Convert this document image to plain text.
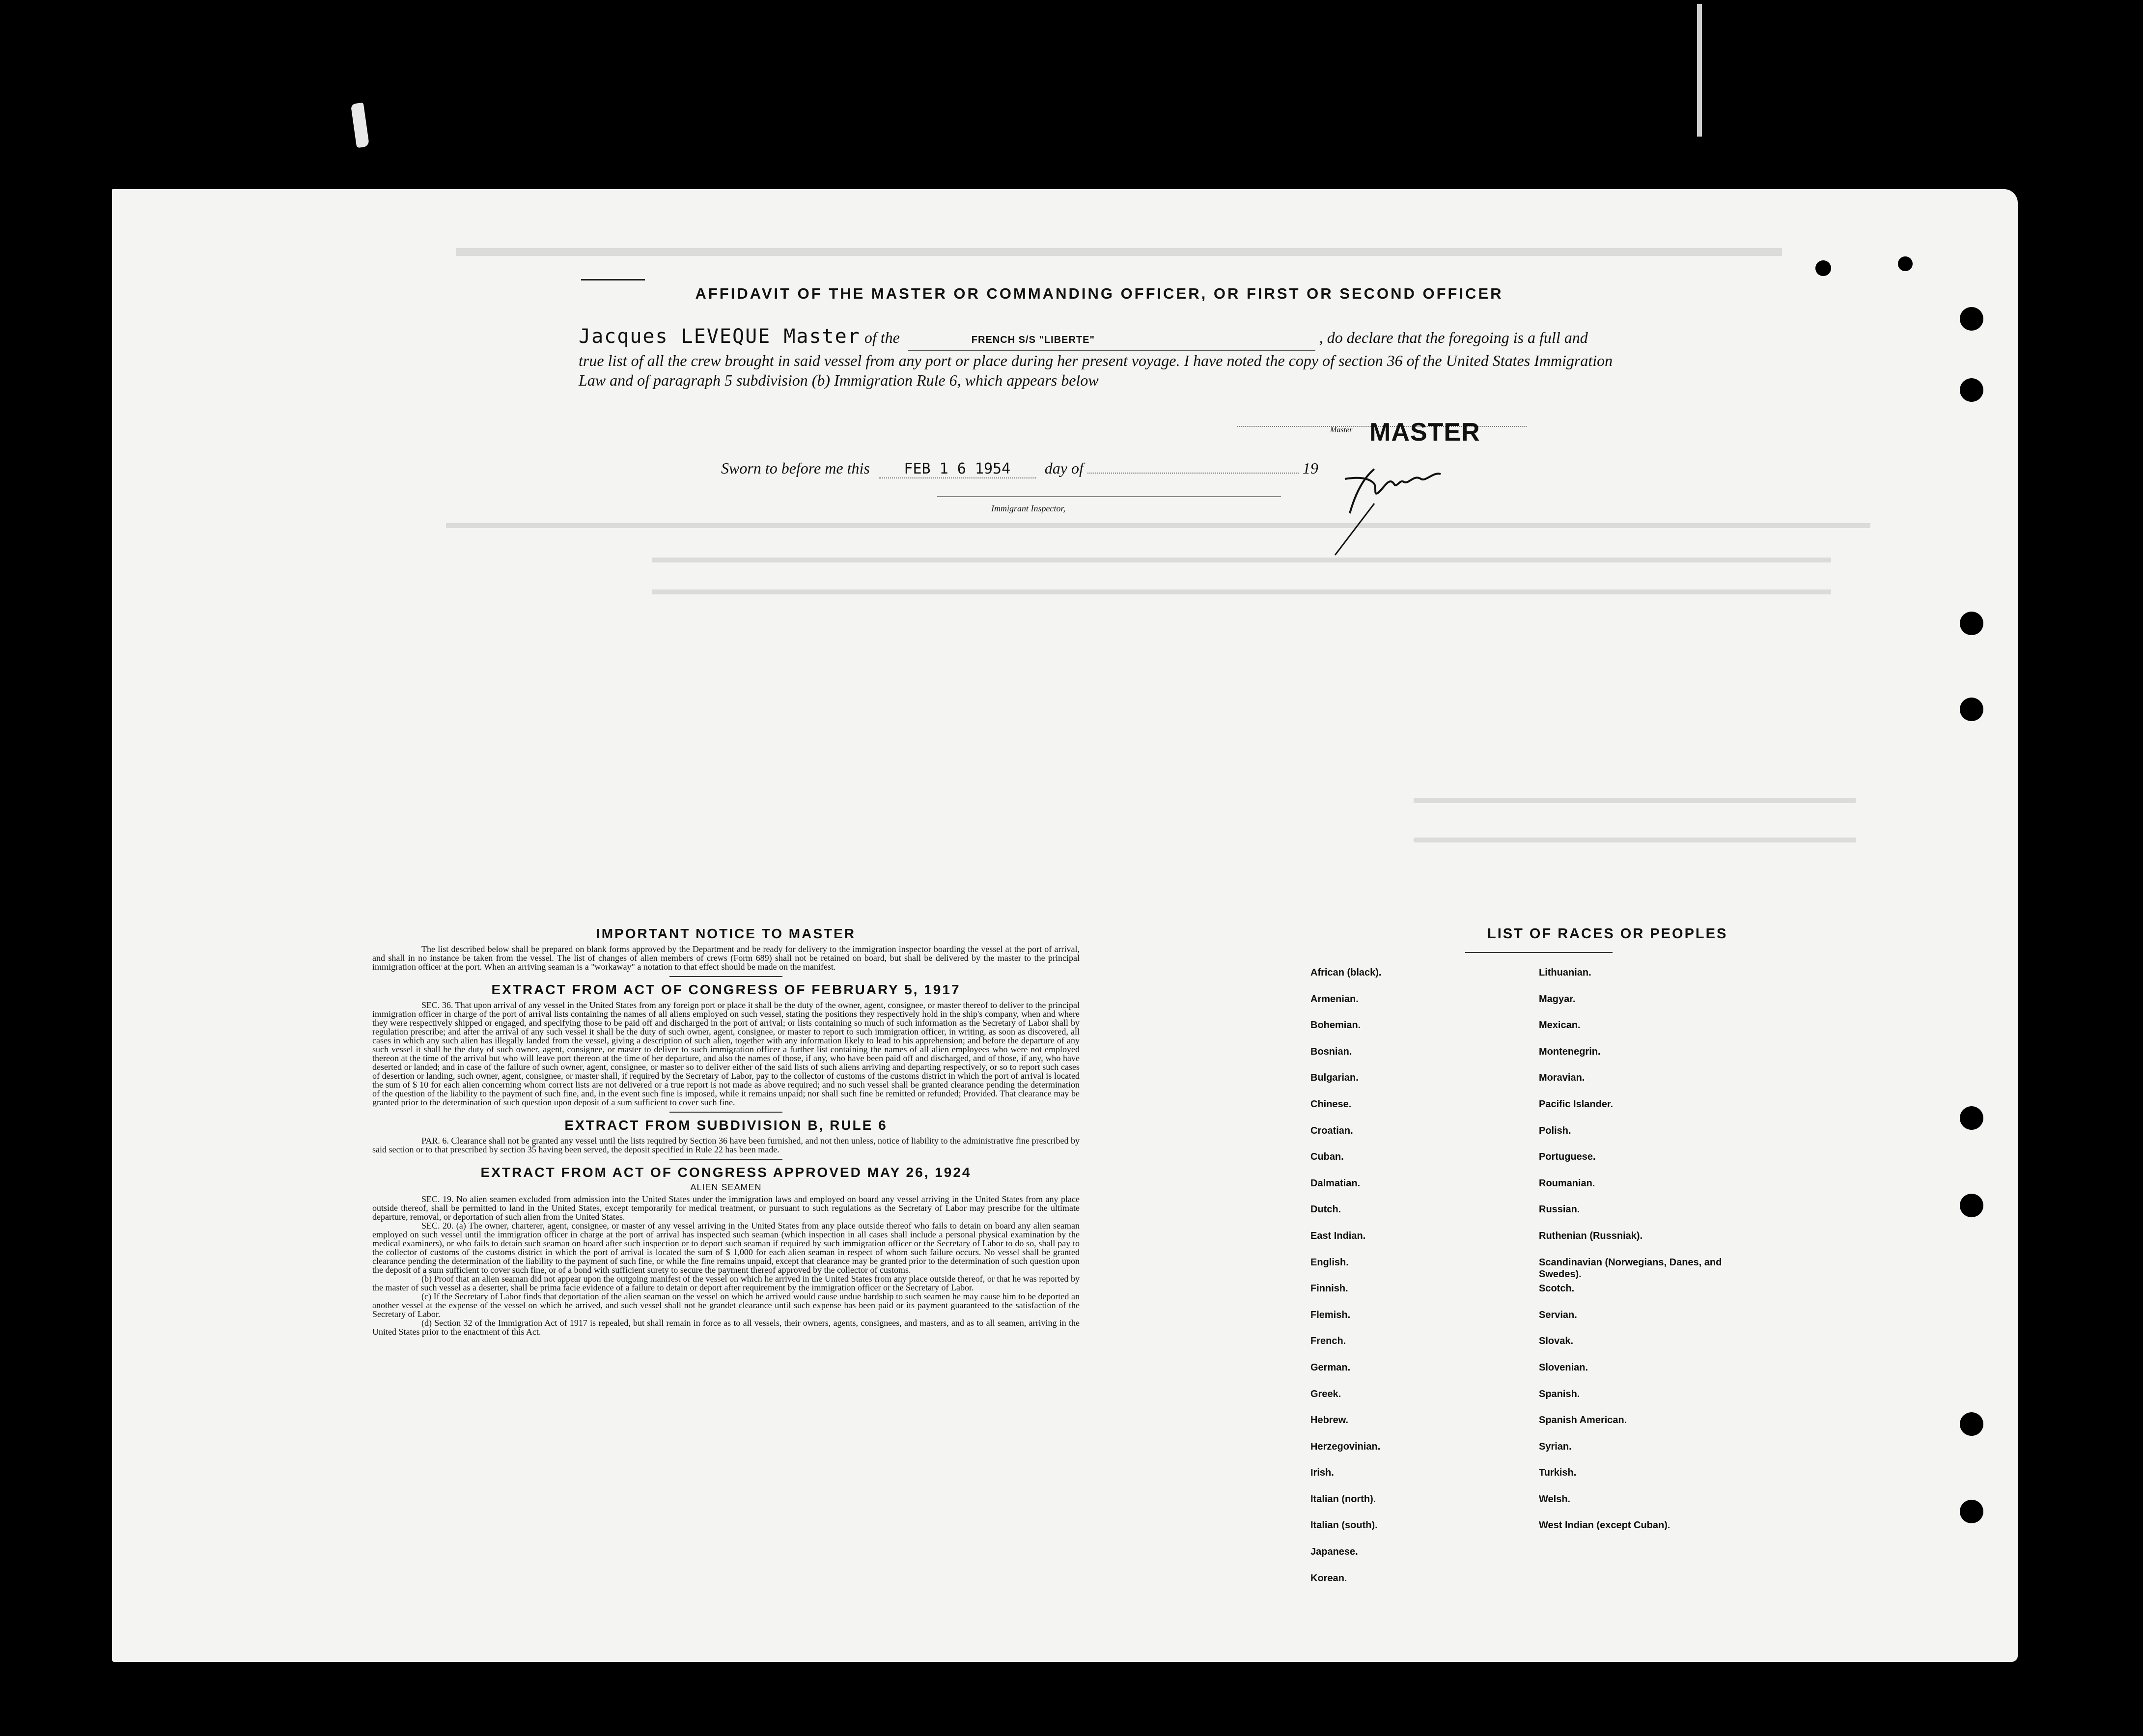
AFFIDAVIT OF THE MASTER OR COMMANDING OFFICER, OR FIRST OR SECOND OFFICER
Jacques LEVEQUE Master of the	FRENCH S/S "LIBERTE"	, do declare that the foregoing is a full and true list of all the crew brought in said vessel from any port or place during her present voyage. I have noted the copy of section 36 of the United States Immigration Law and of paragraph 5 subdivision (b) Immigration Rule 6, which appears below
Master MASTER
Sworn to before me this FEB 1 6 1954 day of	19
Immigrant Inspector,
IMPORTANT NOTICE TO MASTER

The list described below shall be prepared on blank forms approved by the Department and be ready for delivery to the immigration inspector boarding the vessel at the port of arrival, and shall in no instance be taken from the vessel. The list of changes of alien members of crews (Form 689) shall not be retained on board, but shall be delivered by the master to the principal immigration officer at the port. When an arriving seaman is a "workaway" a notation to that effect should be made on the manifest.

EXTRACT FROM ACT OF CONGRESS OF FEBRUARY 5, 1917

SEC. 36. That upon arrival of any vessel in the United States from any foreign port or place it shall be the duty of the owner, agent, consignee, or master thereof to deliver to the principal immigration officer in charge of the port of arrival lists containing the names of all aliens employed on such vessel, stating the positions they respectively hold in the ship's company, when and where they were respectively shipped or engaged, and specifying those to be paid off and discharged in the port of arrival; or lists containing so much of such information as the Secretary of Labor shall by regulation prescribe; and after the arrival of any such vessel it shall be the duty of such owner, agent, consignee, or master to report to such immigration officer, in writing, as soon as discovered, all cases in which any such alien has illegally landed from the vessel, giving a description of such alien, together with any information likely to lead to his apprehension; and before the departure of any such vessel it shall be the duty of such owner, agent, consignee, or master to deliver to such immigration officer a further list containing the names of all alien employees who were not employed thereon at the time of the arrival but who will leave port thereon at the time of her departure, and also the names of those, if any, who have been paid off and discharged, and of those, if any, who have deserted or landed; and in case of the failure of such owner, agent, consignee, or master so to deliver either of the said lists of such aliens arriving and departing respectively, or so to report such cases of desertion or landing, such owner, agent, consignee, or master shall, if required by the Secretary of Labor, pay to the collector of customs of the customs district in which the port of arrival is located the sum of $ 10 for each alien concerning whom correct lists are not delivered or a true report is not made as above required; and no such vessel shall be granted clearance pending the determination of the question of the liability to the payment of such fine, and, in the event such fine is imposed, while it remains unpaid; nor shall such fine be remitted or refunded; Provided. That clearance may be granted prior to the determination of such question upon deposit of a sum sufficient to cover such fine.

EXTRACT FROM SUBDIVISION B, RULE 6

PAR. 6. Clearance shall not be granted any vessel until the lists required by Section 36 have been furnished, and not then unless, notice of liability to the administrative fine prescribed by said section or to that prescribed by section 35 having been served, the deposit specified in Rule 22 has been made.

EXTRACT FROM ACT OF CONGRESS APPROVED MAY 26, 1924
ALIEN SEAMEN

SEC. 19. No alien seamen excluded from admission into the United States under the immigration laws and employed on board any vessel arriving in the United States from any place outside thereof, shall be permitted to land in the United States, except temporarily for medical treatment, or pursuant to such regulations as the Secretary of Labor may prescribe for the ultimate departure, removal, or deportation of such alien from the United States.

SEC. 20. (a) The owner, charterer, agent, consignee, or master of any vessel arriving in the United States from any place outside thereof who fails to detain on board any alien seaman employed on such vessel until the immigration officer in charge at the port of arrival has inspected such seaman (which inspection in all cases shall include a personal physical examination by the medical examiners), or who fails to detain such seaman on board after such inspection or to deport such seaman if required by such immigration officer or the Secretary of Labor to do so, shall pay to the collector of customs of the customs district in which the port of arrival is located the sum of $ 1,000 for each alien seaman in respect of whom such failure occurs. No vessel shall be granted clearance pending the determination of the liability to the payment of such fine, or while the fine remains unpaid, except that clearance may be granted prior to the determination of such question upon the deposit of a sum sufficient to cover such fine, or of a bond with sufficient surety to secure the payment thereof approved by the collector of customs.

(b) Proof that an alien seaman did not appear upon the outgoing manifest of the vessel on which he arrived in the United States from any place outside thereof, or that he was reported by the master of such vessel as a deserter, shall be prima facie evidence of a failure to detain or deport after requirement by the immigration officer or the Secretary of Labor.

(c) If the Secretary of Labor finds that deportation of the alien seaman on the vessel on which he arrived would cause undue hardship to such seamen he may cause him to be deported an another vessel at the expense of the vessel on which he arrived, and such vessel shall not be grandet clearance until such expense has been paid or its payment guaranteed to the satisfaction of the Secretary of Labor.

(d) Section 32 of the Immigration Act of 1917 is repealed, but shall remain in force as to all vessels, their owners, agents, consignees, and masters, and as to all seamen, arriving in the United States prior to the enactment of this Act.

LIST OF RACES OR PEOPLES
African (black).
Armenian.
Bohemian.
Bosnian.
Bulgarian.
Chinese.
Croatian.
Cuban.
Dalmatian.
Dutch.
East Indian.
English.
Finnish.
Flemish.
French.
German.
Greek.
Hebrew.
Herzegovinian.
Irish.
Italian (north).
Italian (south).
Japanese.
Korean.
Lithuanian.
Magyar.
Mexican.
Montenegrin.
Moravian.
Pacific Islander.
Polish.
Portuguese.
Roumanian.
Russian.
Ruthenian (Russniak).
Scandinavian (Norwegians, Danes, and Swedes).
Scotch.
Servian.
Slovak.
Slovenian.
Spanish.
Spanish American.
Syrian.
Turkish.
Welsh.
West Indian (except Cuban).
